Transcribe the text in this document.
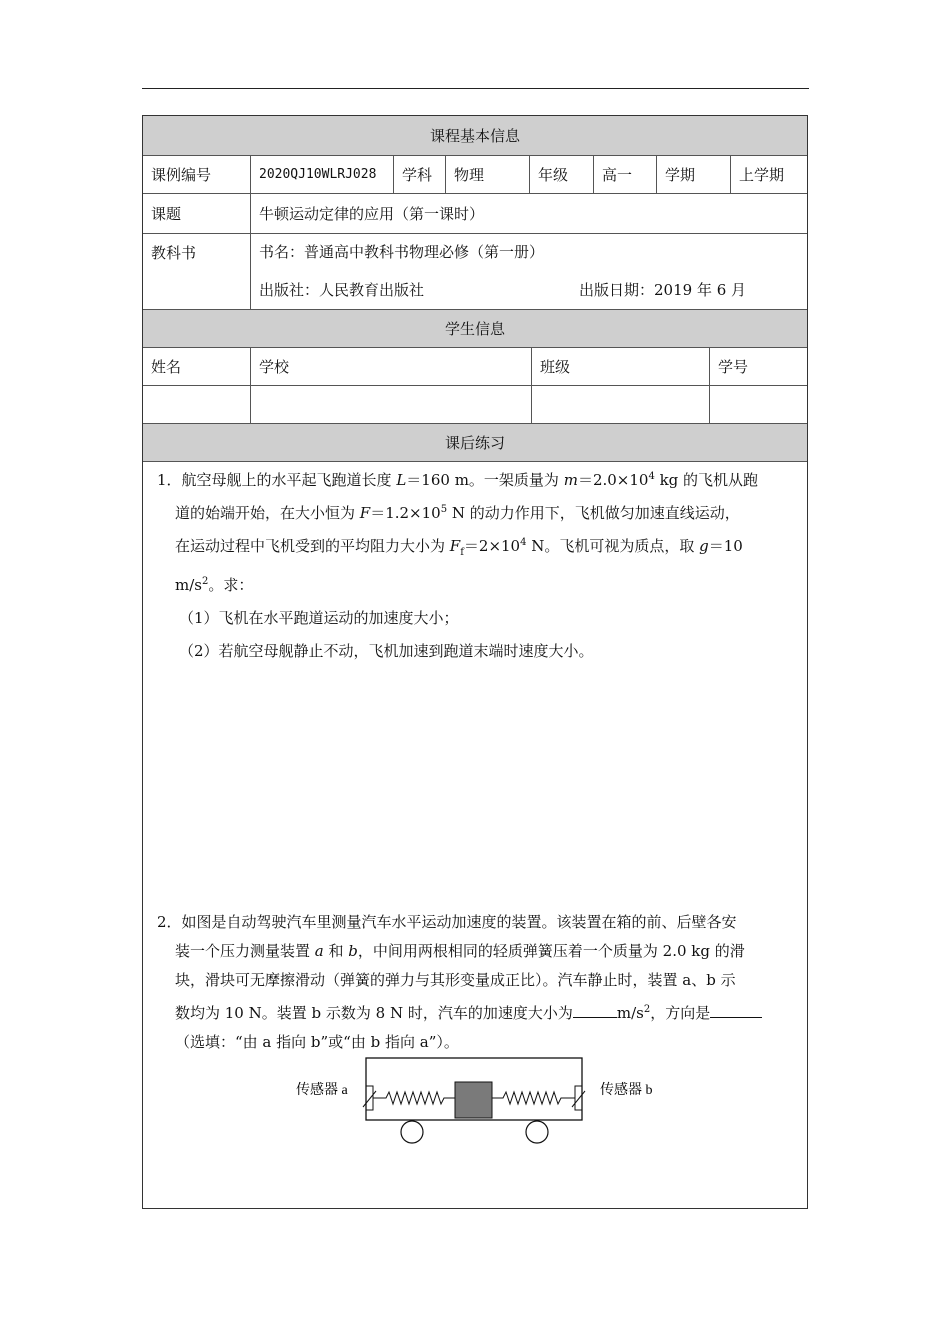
课程基本信息
课例编号	2020QJ10WLRJ028	学科	物理	年级	高一	学期	上学期
课题	牛顿运动定律的应用（第一课时）
教科书	书名：普通高中教科书物理必修（第一册）
出版社：人民教育出版社	出版日期：2019 年 6 月
学生信息
姓名	学校	班级	学号
课后练习

1．航空母舰上的水平起飞跑道长度 L＝160 m。一架质量为 $m=2.0\times 10^4$ kg 的飞机从跑

道的始端开始，在大小恒为 $F=1.2\times 10^5$ N 的动力作用下，飞机做匀加速直线运动，

在运动过程中飞机受到的平均阻力大小为 $F_f=2\times 10^4$ N。飞机可视为质点，取 g＝10

$m/s^2$。求：

（1）飞机在水平跑道运动的加速度大小；

（2）若航空母舰静止不动，飞机加速到跑道末端时速度大小。

2．如图是自动驾驶汽车里测量汽车水平运动加速度的装置。该装置在箱的前、后壁各安

装一个压力测量装置 a 和 b，中间用两根相同的轻质弹簧压着一个质量为 2.0 kg 的滑

块，滑块可无摩擦滑动（弹簧的弹力与其形变量成正比）。汽车静止时，装置 a、b 示

数均为 10 N。装置 b 示数为 8 N 时，汽车的加速度大小为	$m/s^2$，方向是

（选填：“由 a 指向 b”或“由 b 指向 a”）。

传感器 a	传感器 b
